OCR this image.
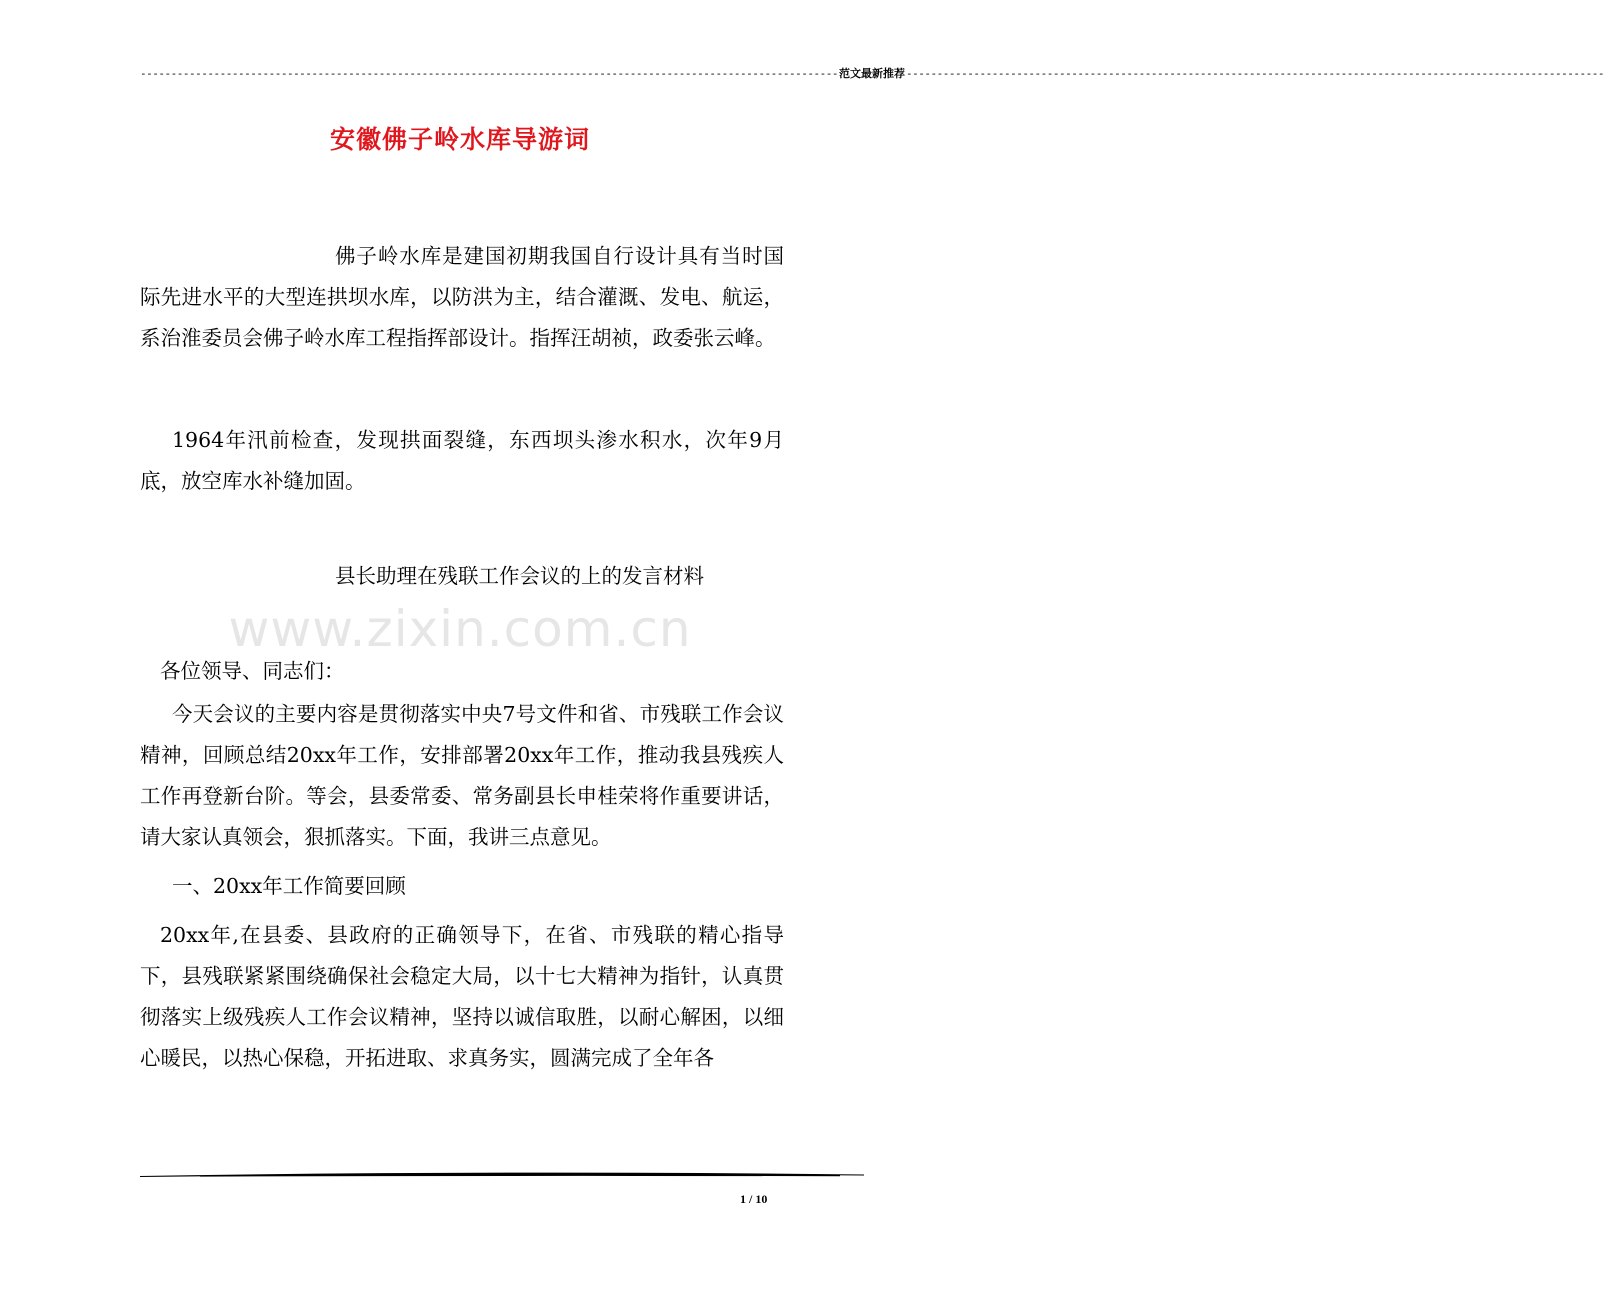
------------------------------------------------------------------------------------------------------------------ 范文最新推荐 ------------------------------------------------------------------------------------------------------------------
安徽佛子岭水库导游词
www.zixin.com.cn

佛子岭水库是建国初期我国自行设计具有当时国际先进水平的大型连拱坝水库，以防洪为主，结合灌溉、发电、航运，系治淮委员会佛子岭水库工程指挥部设计。指挥汪胡祯，政委张云峰。

1964年汛前检查，发现拱面裂缝，东西坝头渗水积水，次年9月底，放空库水补缝加固。

县长助理在残联工作会议的上的发言材料

各位领导、同志们：

今天会议的主要内容是贯彻落实中央7号文件和省、市残联工作会议精神，回顾总结20xx年工作，安排部署20xx年工作，推动我县残疾人工作再登新台阶。等会，县委常委、常务副县长申桂荣将作重要讲话，请大家认真领会，狠抓落实。下面，我讲三点意见。

一、20xx年工作简要回顾

20xx年,在县委、县政府的正确领导下，在省、市残联的精心指导下，县残联紧紧围绕确保社会稳定大局，以十七大精神为指针，认真贯彻落实上级残疾人工作会议精神，坚持以诚信取胜，以耐心解困，以细心暖民，以热心保稳，开拓进取、求真务实，圆满完成了全年各

1 / 10
